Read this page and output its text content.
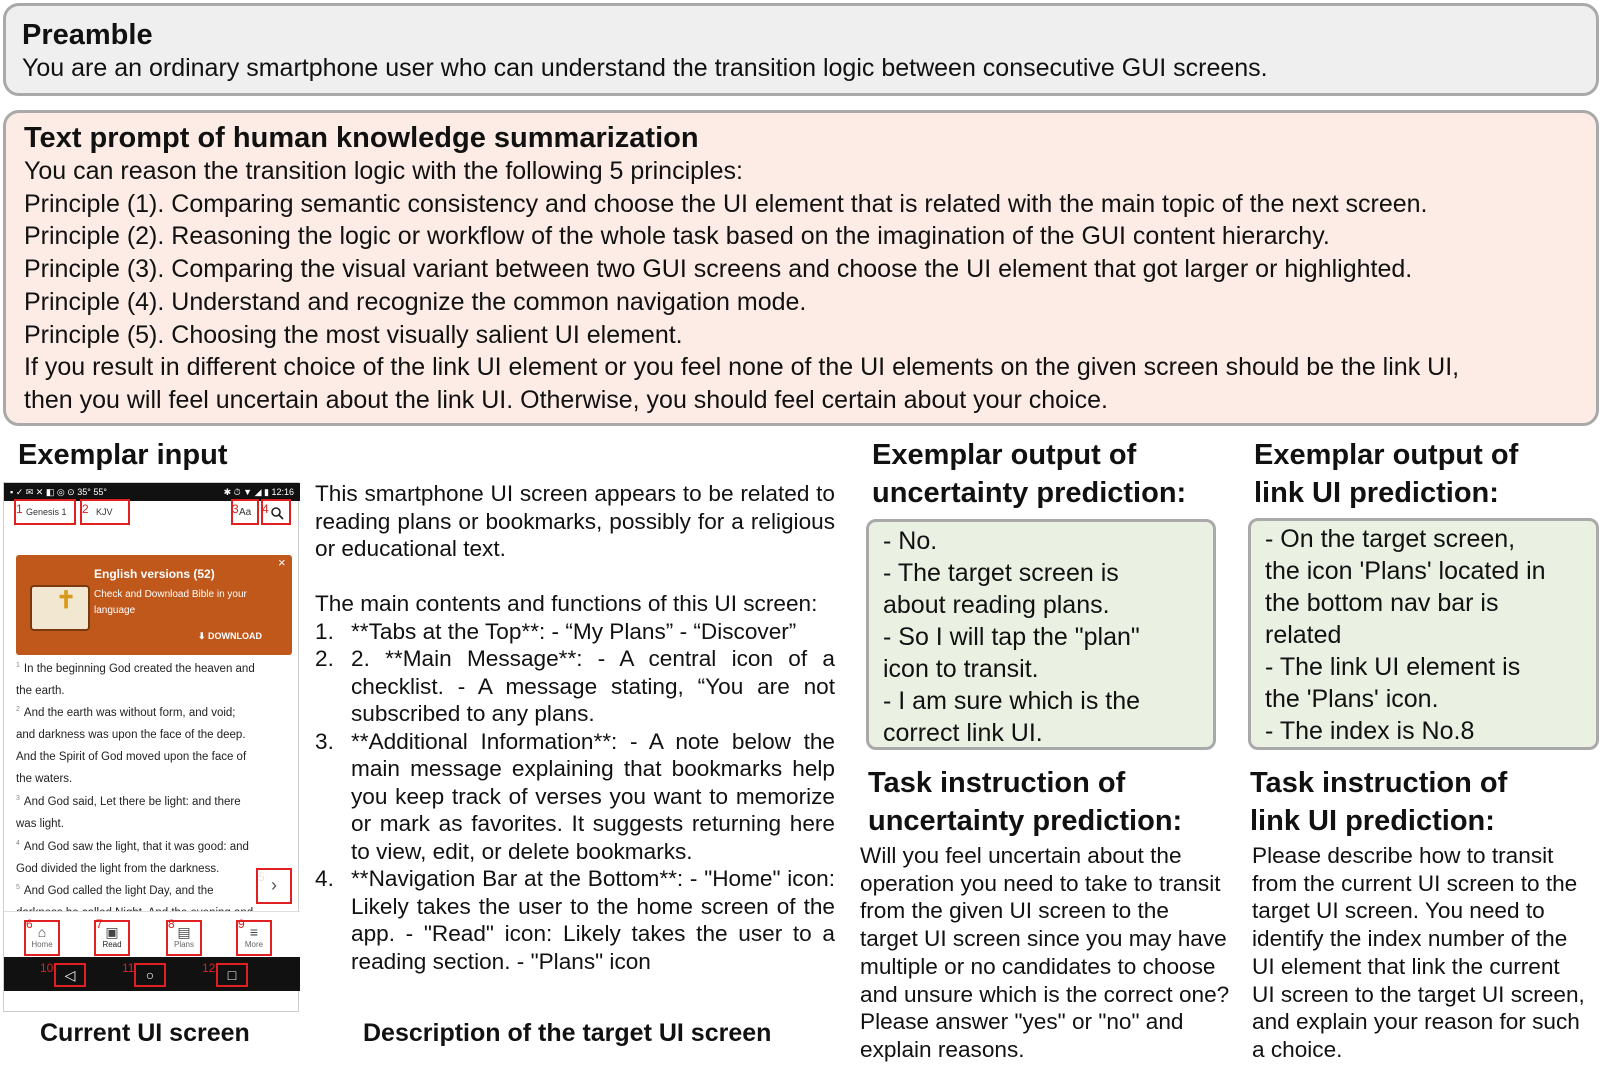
Preamble
You are an ordinary smartphone user who can understand the transition logic between consecutive GUI screens.
Text prompt of human knowledge summarization
You can reason the transition logic with the following 5 principles:
Principle (1). Comparing semantic consistency and choose the UI element that is related with the main topic of the next screen.
Principle (2). Reasoning the logic or workflow of the whole task based on the imagination of the GUI content hierarchy.
Principle (3). Comparing the visual variant between two GUI screens and choose the UI element that got larger or highlighted.
Principle (4). Understand and recognize the common navigation mode.
Principle (5). Choosing the most visually salient UI element.
If you result in different choice of the link UI element or you feel none of the UI elements on the given screen should be the link UI,
then you will feel uncertain about the link UI. Otherwise, you should feel certain about your choice.
Exemplar input
▪ ✓ ✉ ✕ ◧ ◎ ⊙ 35° 55°	✱ ⏱ ▼ ◢ ▮ 12:16
1 Genesis 1 2 KJV	3 Aa 4
✝
English versions (52)
Check and Download Bible in your
language
×
⬇ DOWNLOAD
$^1$ In the beginning God created the heaven and
the earth.
$^2$ And the earth was without form, and void;
and darkness was upon the face of the deep.
And the Spirit of God moved upon the face of
the waters.
$^3$ And God said, Let there be light: and there
was light.
$^4$ And God saw the light, that it was good: and
God divided the light from the darkness.
$^5$ And God called the light Day, and the	›
6 ⌂
Home
7 ▣
Read
8 ▤
Plans
9 ≡
More
10 ◁	11 ○	12 □
Current UI screen

This smartphone UI screen appears to be related to reading plans or bookmarks, possibly for a religious or educational text.

The main contents and functions of this UI screen:

1. **Tabs at the Top**: - “My Plans” - “Discover”
2. 2. **Main Message**: - A central icon of a checklist. - A message stating, “You are not subscribed to any plans.
3. **Additional Information**: - A note below the main message explaining that bookmarks help you keep track of verses you want to memorize or mark as favorites. It suggests returning here to view, edit, or delete bookmarks.
4. **Navigation Bar at the Bottom**: - "Home" icon: Likely takes the user to the home screen of the app. - "Read" icon: Likely takes the user to a reading section. - "Plans" icon
Description of the target UI screen
Exemplar output of
uncertainty prediction:
- No.
- The target screen is
about reading plans.
- So I will tap the "plan"
icon to transit.
- I am sure which is the
correct link UI.
Exemplar output of
link UI prediction:
- On the target screen,
the icon 'Plans' located in
the bottom nav bar is
related
- The link UI element is
the 'Plans' icon.
- The index is No.8
Task instruction of
uncertainty prediction:
Will you feel uncertain about the
operation you need to take to transit
from the given UI screen to the
target UI screen since you may have
multiple or no candidates to choose
and unsure which is the correct one?
Please answer "yes" or "no" and
explain reasons.
Task instruction of
link UI prediction:
Please describe how to transit
from the current UI screen to the
target UI screen. You need to
identify the index number of the
UI element that link the current
UI screen to the target UI screen,
and explain your reason for such
a choice.
